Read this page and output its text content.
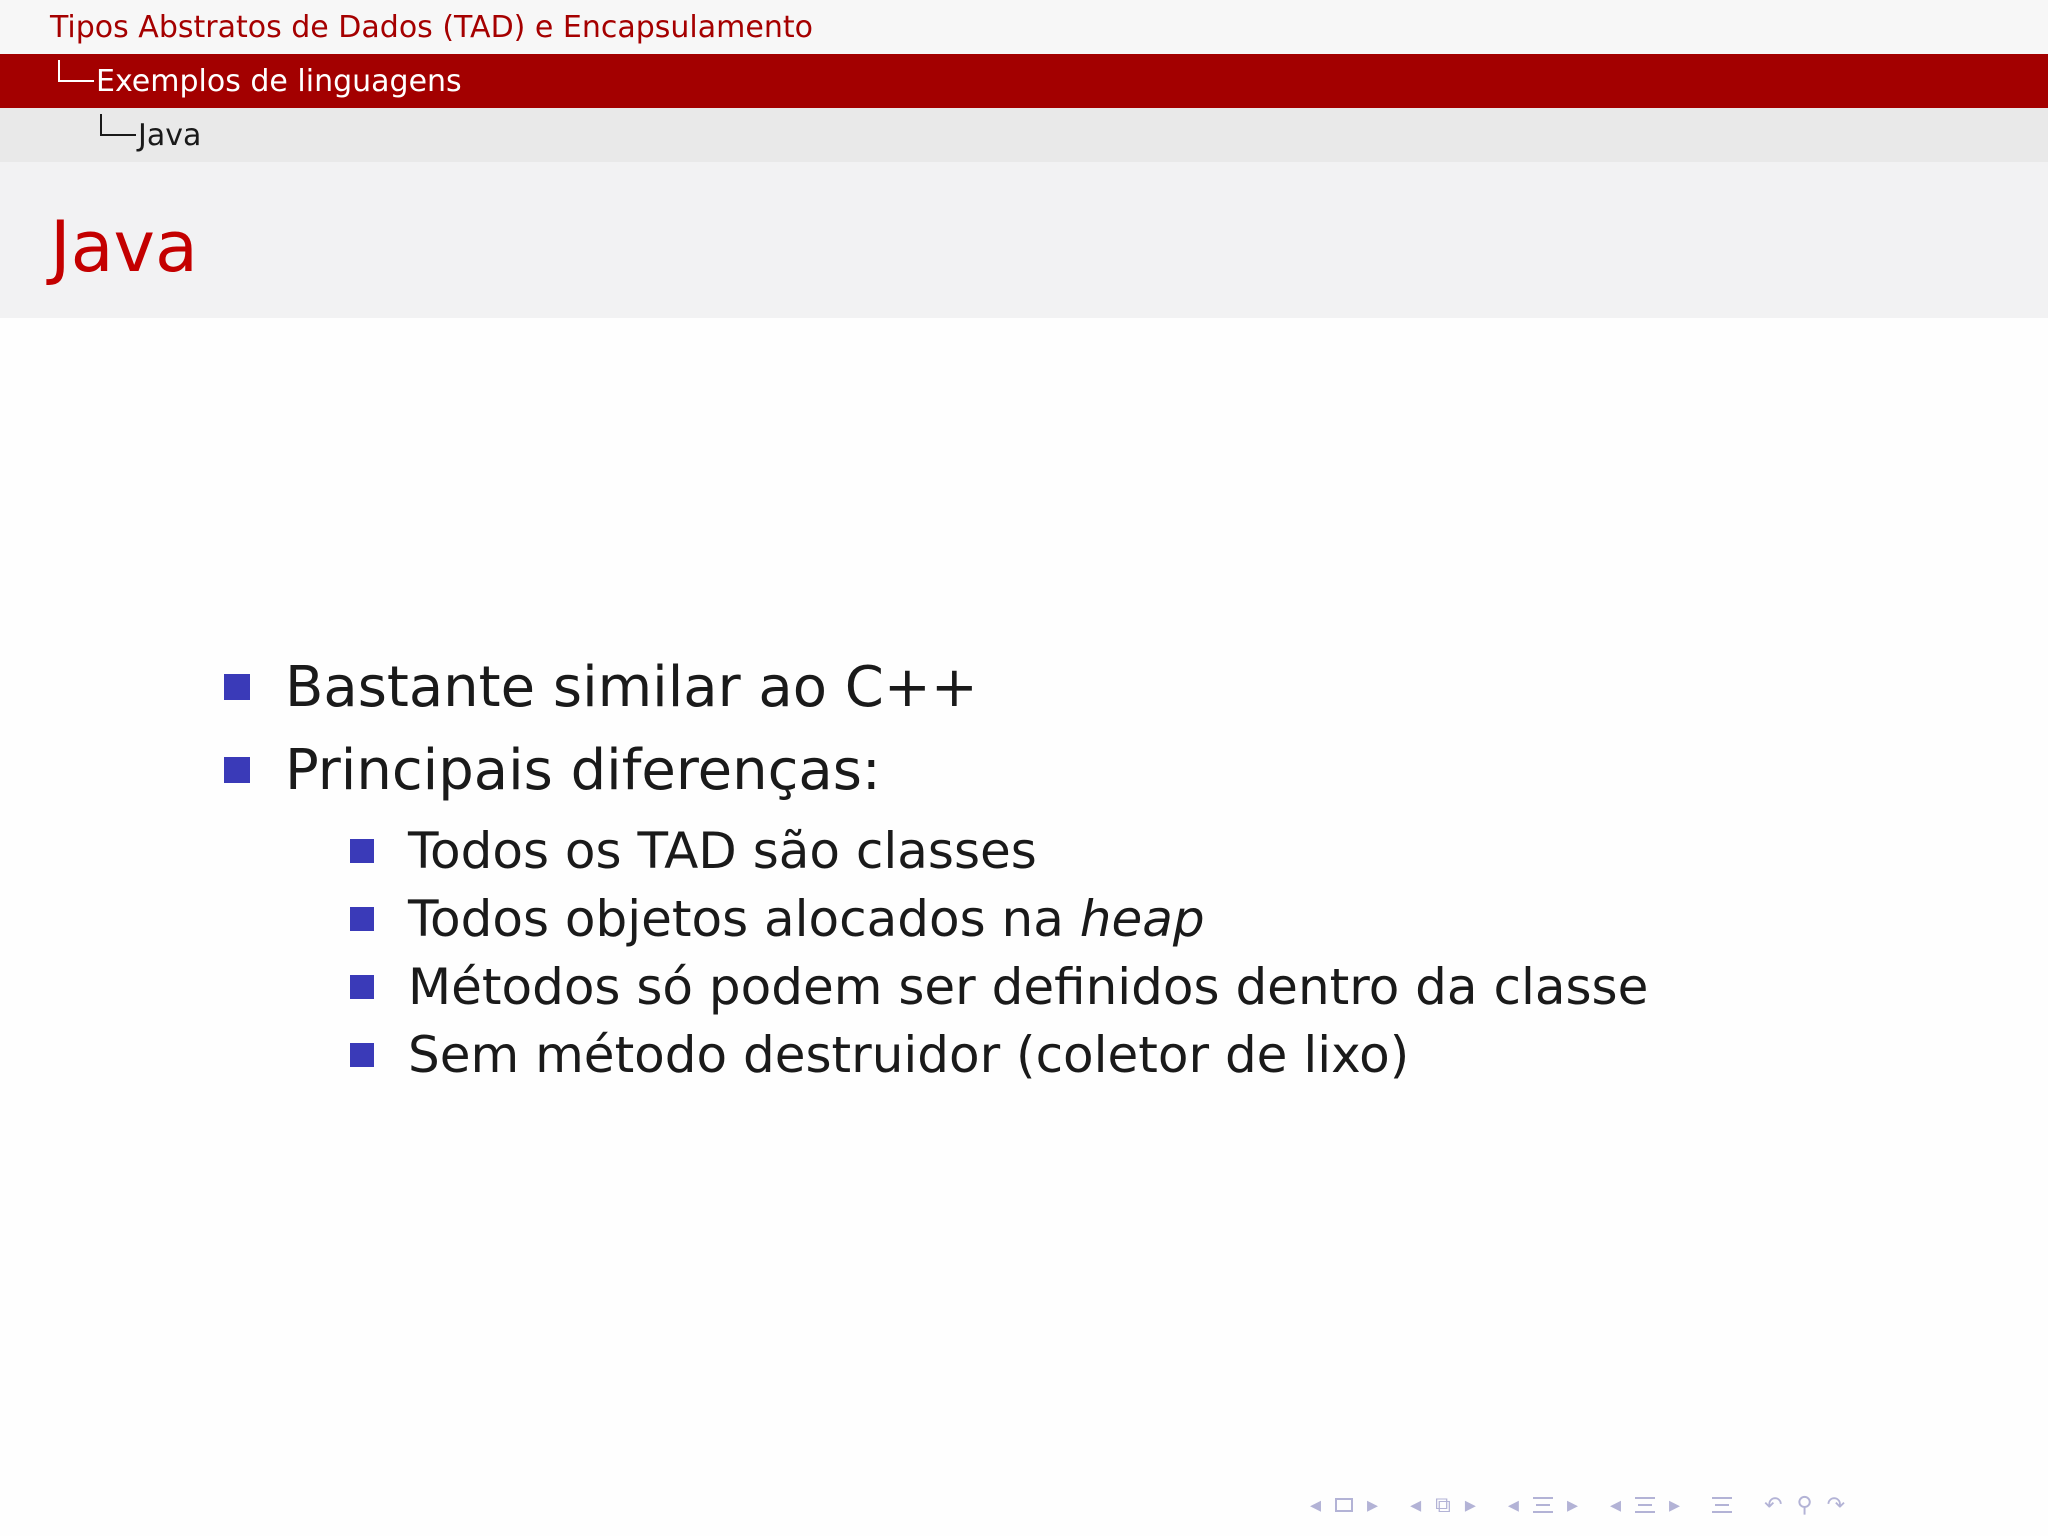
Tipos Abstratos de Dados (TAD) e Encapsulamento
Exemplos de linguagens
Java
Java
Bastante similar ao C++
Principais diferenças:
Todos os TAD são classes
Todos objetos alocados na heap
Métodos só podem ser definidos dentro da classe
Sem método destruidor (coletor de lixo)
◂ ▸ ◂ ⧉ ▸ ◂ ▸ ◂ ▸	↶ ⚲ ↷
